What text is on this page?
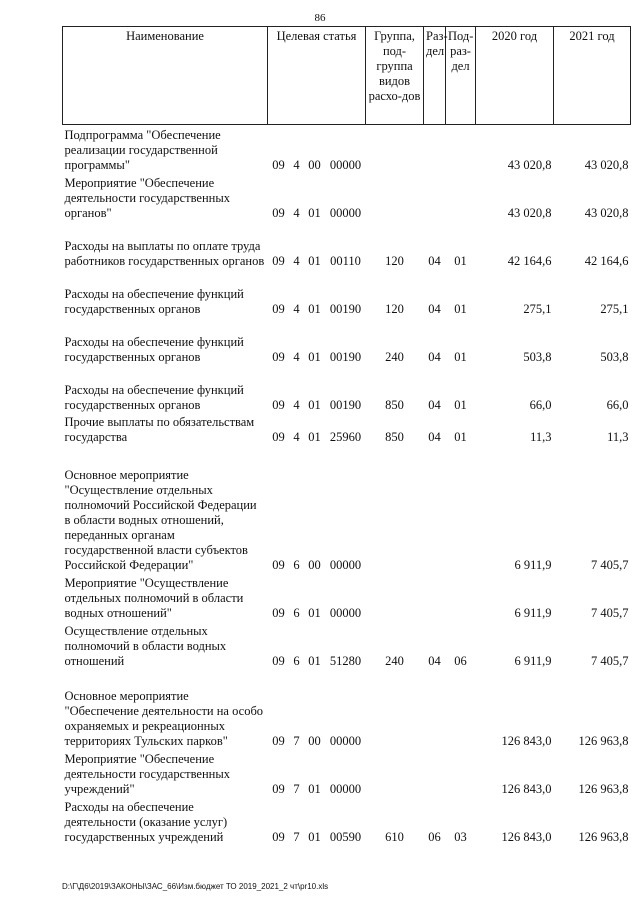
86
Наименование	Целевая статья				Группа, под-группа видов расхо-дов	Раз-дел	Под-раз-дел	2020 год	2021 год
Подпрограмма "Обеспечение реализации государственной программы"	09	4	00	00000				43 020,8	43 020,8
Мероприятие "Обеспечение деятельности государственных органов"	09	4	01	00000				43 020,8	43 020,8
Расходы на выплаты по оплате труда работников государственных органов	09	4	01	00110	120	04	01	42 164,6	42 164,6
Расходы на обеспечение функций государственных органов	09	4	01	00190	120	04	01	275,1	275,1
Расходы на обеспечение функций государственных органов	09	4	01	00190	240	04	01	503,8	503,8
Расходы на обеспечение функций государственных органов	09	4	01	00190	850	04	01	66,0	66,0
Прочие выплаты по обязательствам государства	09	4	01	25960	850	04	01	11,3	11,3
Основное мероприятие "Осуществление отдельных полномочий Российской Федерации в области водных отношений, переданных органам государственной власти субъектов Российской Федерации"	09	6	00	00000				6 911,9	7 405,7
Мероприятие "Осуществление отдельных полномочий в области водных отношений"	09	6	01	00000				6 911,9	7 405,7
Осуществление отдельных полномочий в области водных отношений	09	6	01	51280	240	04	06	6 911,9	7 405,7
Основное мероприятие "Обеспечение деятельности на особо охраняемых и рекреационных территориях Тульских парков"	09	7	00	00000				126 843,0	126 963,8
Мероприятие "Обеспечение деятельности государственных учреждений"	09	7	01	00000				126 843,0	126 963,8
Расходы на обеспечение деятельности (оказание услуг) государственных учреждений	09	7	01	00590	610	06	03	126 843,0	126 963,8
D:\Г\Д6\2019\ЗАКОНЫ\ЗАС_66\Изм.бюджет ТО 2019_2021_2 чт\pr10.xls
